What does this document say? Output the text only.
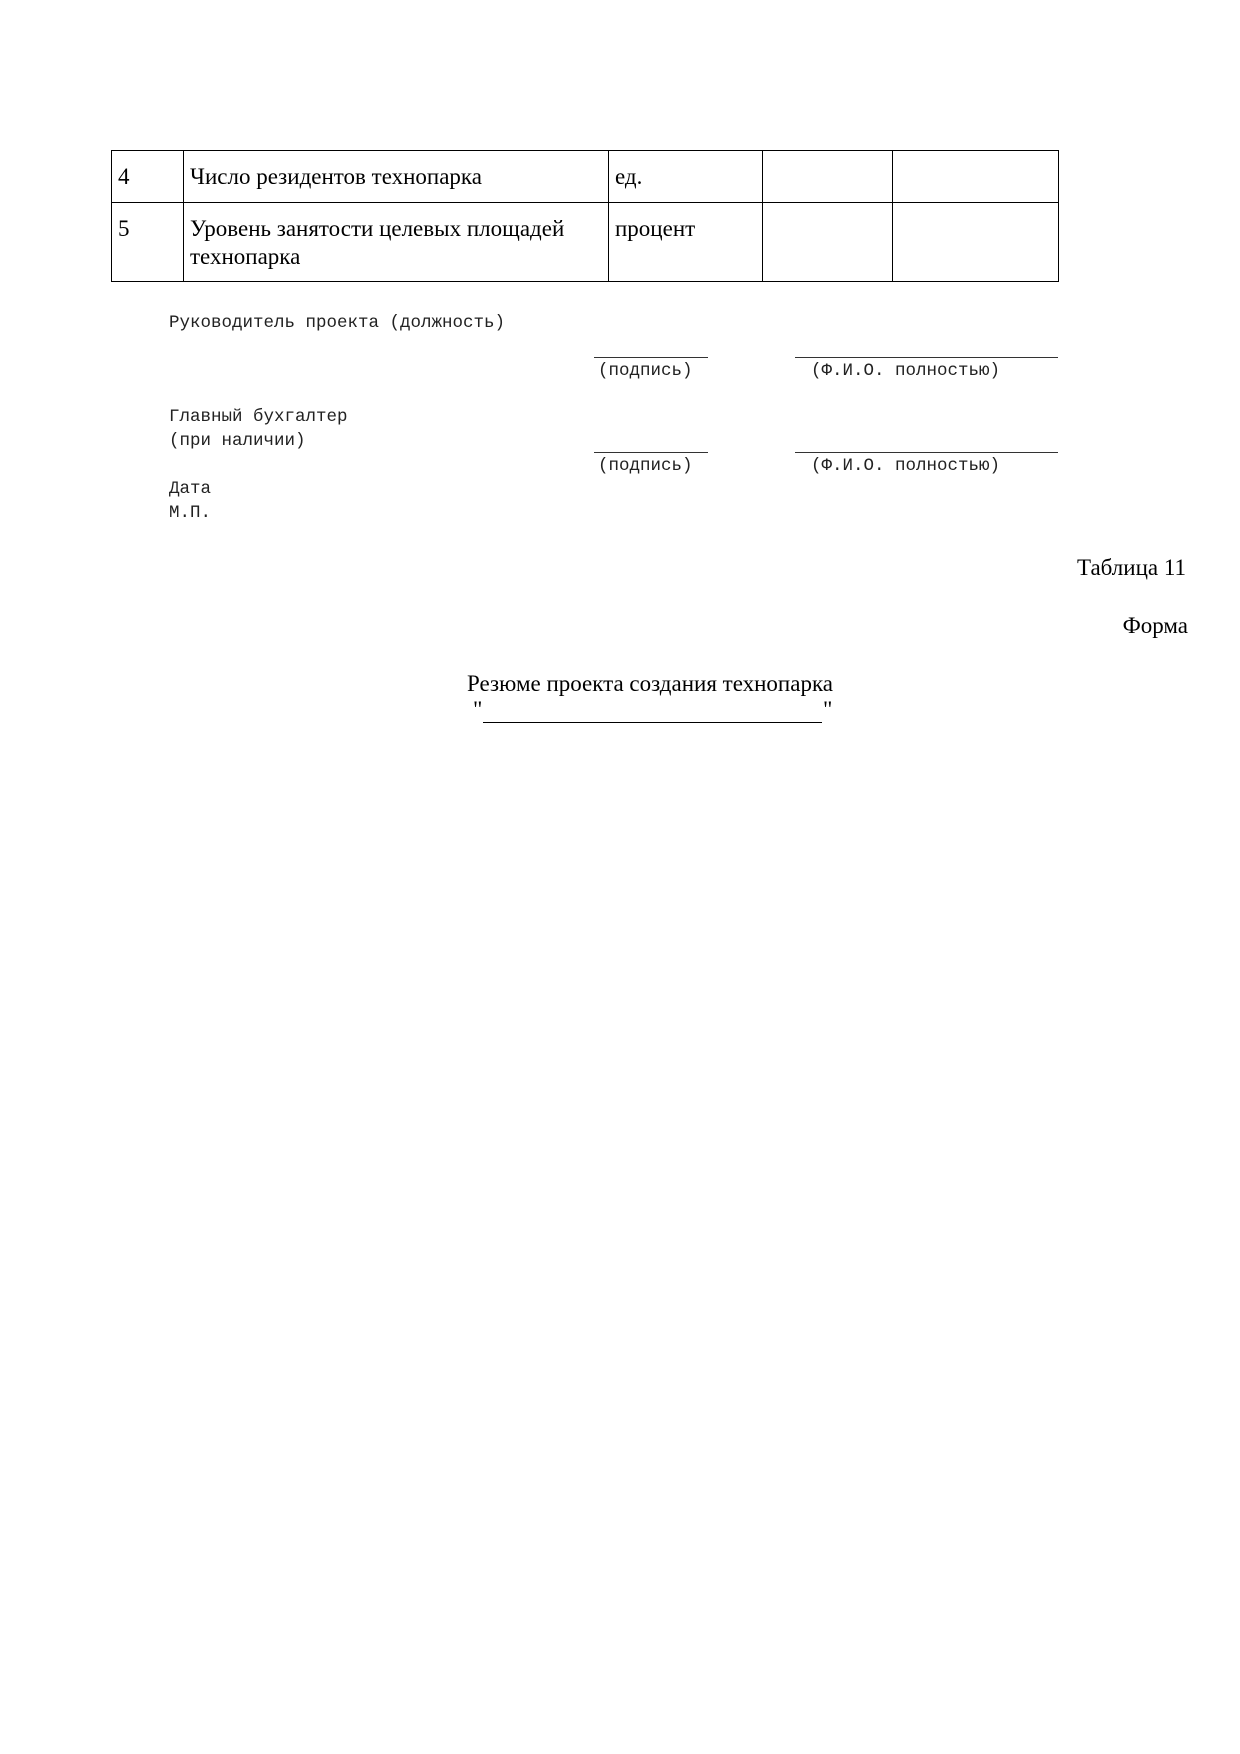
4	Число резидентов технопарка	ед.		
5	Уровень занятости целевых площадей технопарка	процент		
Руководитель проекта (должность)
(подпись)	(Ф.И.О. полностью)
Главный бухгалтер
(при наличии)
(подпись)	(Ф.И.О. полностью)
Дата
М.П.
Таблица 11
Форма
Резюме проекта создания технопарка
"	"
